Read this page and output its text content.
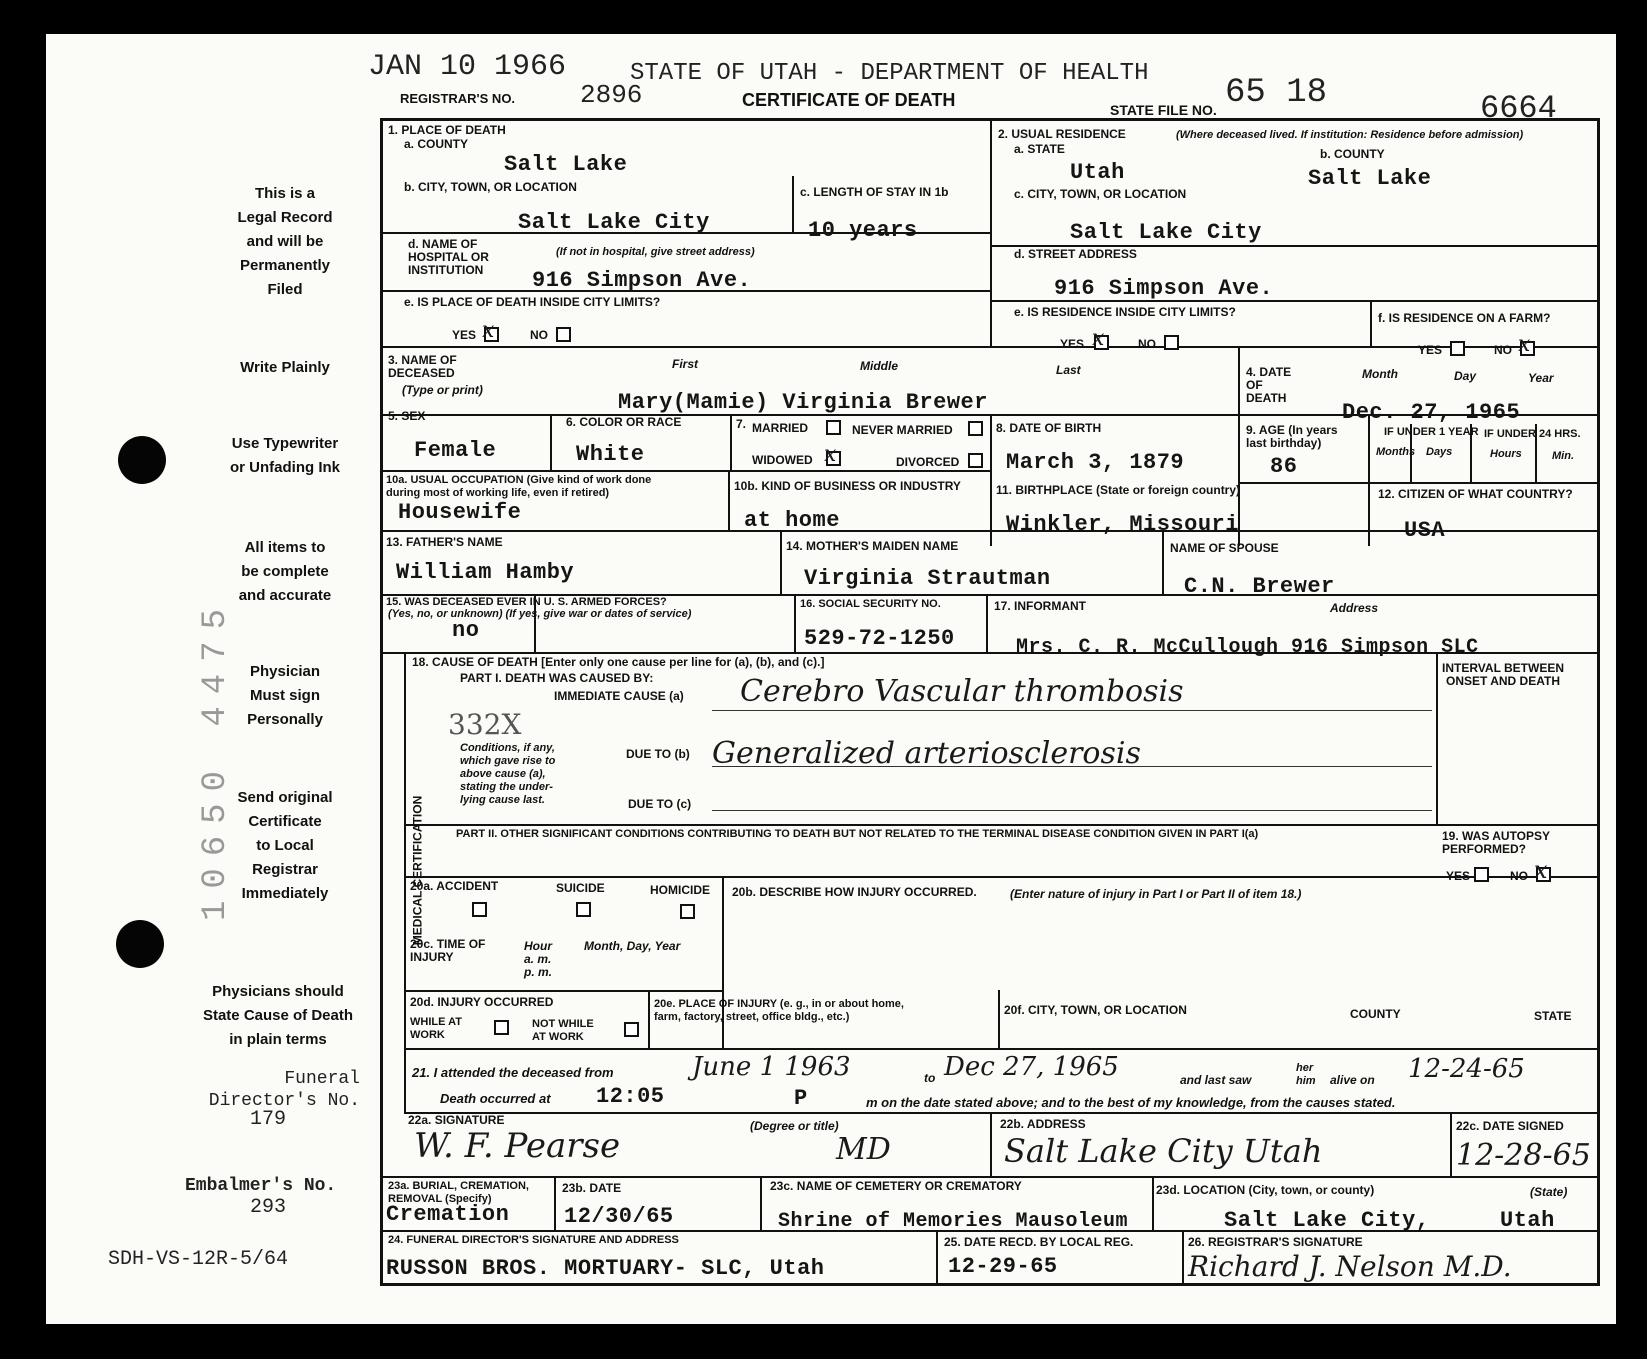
JAN 10 1966
REGISTRAR'S NO. 2896
STATE OF UTAH - DEPARTMENT OF HEALTH
CERTIFICATE OF DEATH	STATE FILE NO. 65 18	6664
This is a
Legal Record
and will be
Permanently
Filed
Write Plainly
Use Typewriter
or Unfading Ink
All items to
be complete
and accurate
Physician
Must sign
Personally
Send original
Certificate
to Local
Registrar
Immediately
Physicians should
State Cause of Death
in plain terms
Funeral
Director's No.
179
Embalmer's No.
293
SDH-VS-12R-5/64
10650 4475
1. PLACE OF DEATH
a. COUNTY
Salt Lake
b. CITY, TOWN, OR LOCATION
Salt Lake City
c. LENGTH OF STAY IN 1b
10 years
d. NAME OF
HOSPITAL OR
INSTITUTION
(If not in hospital, give street address)
916 Simpson Ave.
e. IS PLACE OF DEATH INSIDE CITY LIMITS?
YES x	NO
2. USUAL RESIDENCE	(Where deceased lived. If institution: Residence before admission)
a. STATE	b. COUNTY
Utah	Salt Lake
c. CITY, TOWN, OR LOCATION
Salt Lake City
d. STREET ADDRESS
916 Simpson Ave.
e. IS RESIDENCE INSIDE CITY LIMITS?
YES x	NO
f. IS RESIDENCE ON A FARM?
YES	NO x
3. NAME OF
DECEASED
(Type or print)
First	Middle	Last
Mary(Mamie) Virginia Brewer
4. DATE
OF
DEATH
Month	Day	Year
Dec. 27, 1965
5. SEX
Female
6. COLOR OR RACE
White
7. MARRIED	NEVER MARRIED
WIDOWED x	DIVORCED
8. DATE OF BIRTH
March 3, 1879
9. AGE (In years
last birthday)
86
IF UNDER 1 YEAR IF UNDER 24 HRS.
Months Days	Hours	Min.
10a. USUAL OCCUPATION (Give kind of work done
during most of working life, even if retired)
Housewife
10b. KIND OF BUSINESS OR INDUSTRY
at home
11. BIRTHPLACE (State or foreign country)
Winkler, Missouri
12. CITIZEN OF WHAT COUNTRY?
USA
13. FATHER'S NAME
William Hamby
14. MOTHER'S MAIDEN NAME
Virginia Strautman
NAME OF SPOUSE
C.N. Brewer
15. WAS DECEASED EVER IN U. S. ARMED FORCES?
(Yes, no, or unknown) (If yes, give war or dates of service)
no
16. SOCIAL SECURITY NO.
529-72-1250
17. INFORMANT	Address
Mrs. C. R. McCullough 916 Simpson SLC
MEDICAL CERTIFICATION
18. CAUSE OF DEATH [Enter only one cause per line for (a), (b), and (c).]
PART I. DEATH WAS CAUSED BY:
IMMEDIATE CAUSE (a) Cerebro Vascular thrombosis
INTERVAL BETWEEN
ONSET AND DEATH
332X
Conditions, if any,
which gave rise to
above cause (a),
stating the under-
lying cause last.
DUE TO (b) Generalized arteriosclerosis
DUE TO (c)
PART II. OTHER SIGNIFICANT CONDITIONS CONTRIBUTING TO DEATH BUT NOT RELATED TO THE TERMINAL DISEASE CONDITION GIVEN IN PART I(a)	19. WAS AUTOPSY
PERFORMED?
YES	NO x
20a. ACCIDENT	SUICIDE	HOMICIDE 20b. DESCRIBE HOW INJURY OCCURRED.	(Enter nature of injury in Part I or Part II of item 18.)
20c. TIME OF
INJURY
Hour
a. m.
p. m.
Month, Day, Year
20d. INJURY OCCURRED
WHILE AT
WORK
NOT WHILE
AT WORK
20e. PLACE OF INJURY (e. g., in or about home,
farm, factory, street, office bldg., etc.)	20f. CITY, TOWN, OR LOCATION	COUNTY	STATE
21. I attended the deceased from	June 1 1963	to Dec 27, 1965	and last saw
her
him alive on 12-24-65
Death occurred at 12:05	P	m on the date stated above; and to the best of my knowledge, from the causes stated.
22a. SIGNATURE
W. F. Pearse	(Degree or title)
MD
22b. ADDRESS
Salt Lake City Utah
22c. DATE SIGNED
12-28-65
23a. BURIAL, CREMATION,
REMOVAL (Specify)
Cremation
23b. DATE
12/30/65
23c. NAME OF CEMETERY OR CREMATORY
Shrine of Memories Mausoleum
23d. LOCATION (City, town, or county)	(State)
Salt Lake City,	Utah
24. FUNERAL DIRECTOR'S SIGNATURE AND ADDRESS
RUSSON BROS. MORTUARY- SLC, Utah
25. DATE RECD. BY LOCAL REG.
12-29-65
26. REGISTRAR'S SIGNATURE
Richard J. Nelson M.D.
